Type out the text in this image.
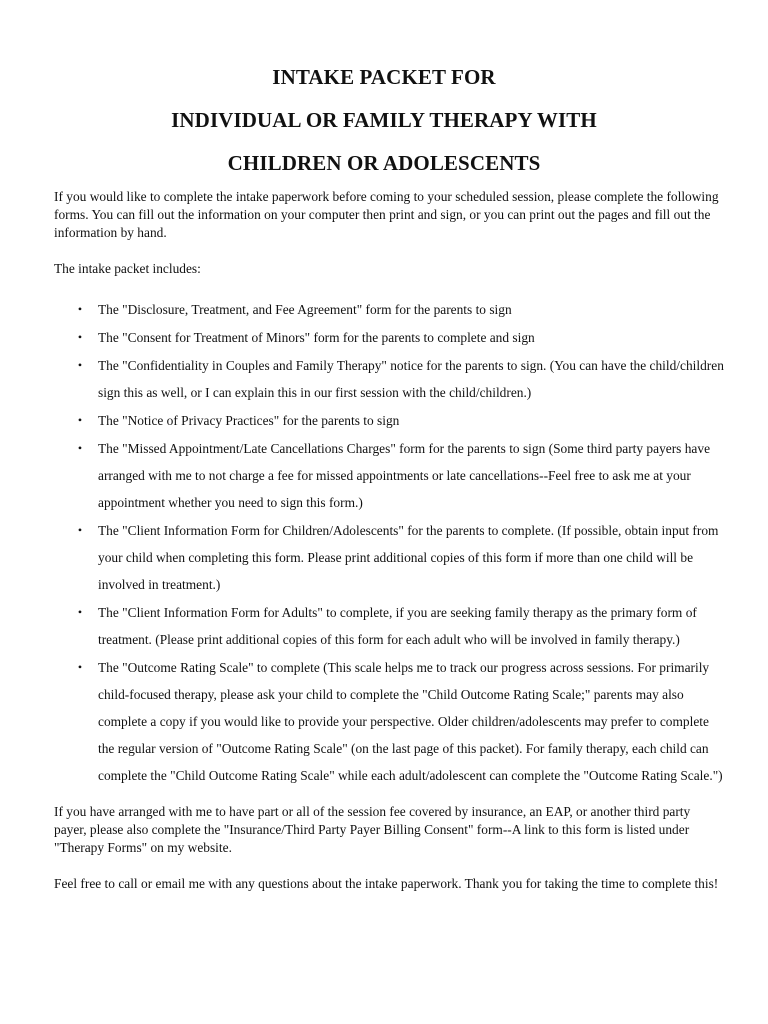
INTAKE PACKET FOR

INDIVIDUAL OR FAMILY THERAPY WITH

CHILDREN OR ADOLESCENTS

If you would like to complete the intake paperwork before coming to your scheduled session, please complete the following forms. You can fill out the information on your computer then print and sign, or you can print out the pages and fill out the information by hand.

The intake packet includes:

• The "Disclosure, Treatment, and Fee Agreement" form for the parents to sign
• The "Consent for Treatment of Minors" form for the parents to complete and sign
• The "Confidentiality in Couples and Family Therapy" notice for the parents to sign. (You can have the child/children sign this as well, or I can explain this in our first session with the child/children.)
• The "Notice of Privacy Practices" for the parents to sign
• The "Missed Appointment/Late Cancellations Charges" form for the parents to sign (Some third party payers have arranged with me to not charge a fee for missed appointments or late cancellations--Feel free to ask me at your appointment whether you need to sign this form.)
• The "Client Information Form for Children/Adolescents" for the parents to complete. (If possible, obtain input from your child when completing this form. Please print additional copies of this form if more than one child will be involved in treatment.)
• The "Client Information Form for Adults" to complete, if you are seeking family therapy as the primary form of treatment. (Please print additional copies of this form for each adult who will be involved in family therapy.)
• The "Outcome Rating Scale" to complete (This scale helps me to track our progress across sessions. For primarily child-focused therapy, please ask your child to complete the "Child Outcome Rating Scale;" parents may also complete a copy if you would like to provide your perspective. Older children/adolescents may prefer to complete the regular version of "Outcome Rating Scale" (on the last page of this packet). For family therapy, each child can complete the "Child Outcome Rating Scale" while each adult/adolescent can complete the "Outcome Rating Scale.")

If you have arranged with me to have part or all of the session fee covered by insurance, an EAP, or another third party payer, please also complete the "Insurance/Third Party Payer Billing Consent" form--A link to this form is listed under "Therapy Forms" on my website.

Feel free to call or email me with any questions about the intake paperwork. Thank you for taking the time to complete this!
